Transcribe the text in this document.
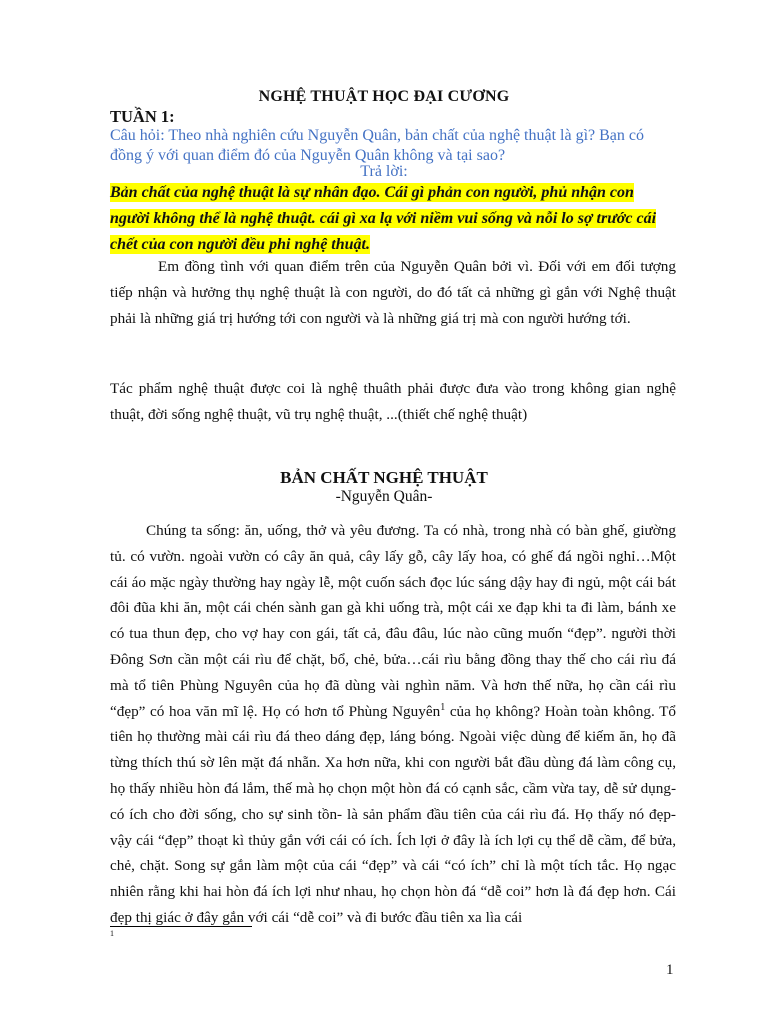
NGHỆ THUẬT HỌC ĐẠI CƯƠNG
TUẦN 1:
Câu hỏi: Theo nhà nghiên cứu Nguyễn Quân, bản chất của nghệ thuật là gì? Bạn có đồng ý với quan điểm đó của Nguyễn Quân không và tại sao?
Trả lời:
Bản chất của nghệ thuật là sự nhân đạo. Cái gì phản con người, phủ nhận con người không thể là nghệ thuật. cái gì xa lạ với niềm vui sống và nỗi lo sợ trước cái chết của con người đều phi nghệ thuật.
Em đồng tình với quan điểm trên của Nguyễn Quân bởi vì. Đối với em đối tượng tiếp nhận và hưởng thụ nghệ thuật là con người, do đó tất cả những gì gắn với Nghệ thuật phải là những giá trị hướng tới con người và là những giá trị mà con người hướng tới.
Tác phẩm nghệ thuật được coi là nghệ thuâth phải được đưa vào trong không gian nghệ thuật, đời sống nghệ thuật, vũ trụ nghệ thuật, ...(thiết chế nghệ thuật)
BẢN CHẤT NGHỆ THUẬT
-Nguyễn Quân-
Chúng ta sống: ăn, uống, thở và yêu đương. Ta có nhà, trong nhà có bàn ghế, giường tủ. có vườn. ngoài vườn có cây ăn quả, cây lấy gỗ, cây lấy hoa, có ghế đá ngồi nghỉ…Một cái áo mặc ngày thường hay ngày lễ, một cuốn sách đọc lúc sáng dậy hay đi ngủ, một cái bát đôi đũa khi ăn, một cái chén sành gan gà khi uống trà, một cái xe đạp khi ta đi làm, bánh xe có tua thun đẹp, cho vợ hay con gái, tất cả, đâu đâu, lúc nào cũng muốn “đẹp”. người thời Đông Sơn cần một cái rìu để chặt, bổ, chẻ, bửa…cái rìu bằng đồng thay thế cho cái rìu đá mà tổ tiên Phùng Nguyên của họ đã dùng vài nghìn năm. Và hơn thế nữa, họ cần cái rìu “đẹp” có hoa văn mĩ lệ. Họ có hơn tổ Phùng Nguyên$^1$ của họ không? Hoàn toàn không. Tổ tiên họ thường mài cái rìu đá theo dáng đẹp, láng bóng. Ngoài việc dùng để kiếm ăn, họ đã từng thích thú sờ lên mặt đá nhẵn. Xa hơn nữa, khi con người bắt đầu dùng đá làm công cụ, họ thấy nhiều hòn đá lắm, thế mà họ chọn một hòn đá có cạnh sắc, cầm vừa tay, dễ sử dụng- có ích cho đời sống, cho sự sinh tồn- là sản phẩm đầu tiên của cái rìu đá. Họ thấy nó đẹp- vậy cái “đẹp” thoạt kì thủy gắn với cái có ích. Ích lợi ở đây là ích lợi cụ thể dễ cầm, để bửa, chẻ, chặt. Song sự gắn làm một của cái “đẹp” và cái “có ích” chỉ là một tích tắc. Họ ngạc nhiên rằng khi hai hòn đá ích lợi như nhau, họ chọn hòn đá “dễ coi” hơn là đá đẹp hơn. Cái đẹp thị giác ở đây gắn với cái “dễ coi” và đi bước đầu tiên xa lìa cái
1
1
